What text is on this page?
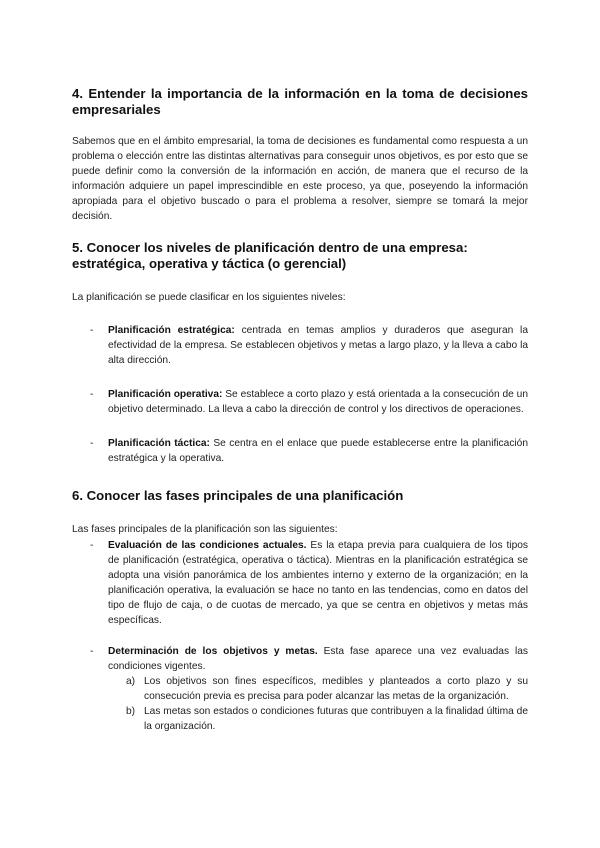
4. Entender la importancia de la información en la toma de decisiones empresariales

Sabemos que en el ámbito empresarial, la toma de decisiones es fundamental como respuesta a un problema o elección entre las distintas alternativas para conseguir unos objetivos, es por esto que se puede definir como la conversión de la información en acción, de manera que el recurso de la información adquiere un papel imprescindible en este proceso, ya que, poseyendo la información apropiada para el objetivo buscado o para el problema a resolver, siempre se tomará la mejor decisión.

5. Conocer los niveles de planificación dentro de una empresa: estratégica, operativa y táctica (o gerencial)

La planificación se puede clasificar en los siguientes niveles:

- Planificación estratégica: centrada en temas amplios y duraderos que aseguran la efectividad de la empresa. Se establecen objetivos y metas a largo plazo, y la lleva a cabo la alta dirección.

- Planificación operativa: Se establece a corto plazo y está orientada a la consecución de un objetivo determinado. La lleva a cabo la dirección de control y los directivos de operaciones.

- Planificación táctica: Se centra en el enlace que puede establecerse entre la planificación estratégica y la operativa.

6. Conocer las fases principales de una planificación

Las fases principales de la planificación son las siguientes:

- Evaluación de las condiciones actuales. Es la etapa previa para cualquiera de los tipos de planificación (estratégica, operativa o táctica). Mientras en la planificación estratégica se adopta una visión panorámica de los ambientes interno y externo de la organización; en la planificación operativa, la evaluación se hace no tanto en las tendencias, como en datos del tipo de flujo de caja, o de cuotas de mercado, ya que se centra en objetivos y metas más específicas.

- Determinación de los objetivos y metas. Esta fase aparece una vez evaluadas las condiciones vigentes.

a) Los objetivos son fines específicos, medibles y planteados a corto plazo y su consecución previa es precisa para poder alcanzar las metas de la organización.

b) Las metas son estados o condiciones futuras que contribuyen a la finalidad última de la organización.
